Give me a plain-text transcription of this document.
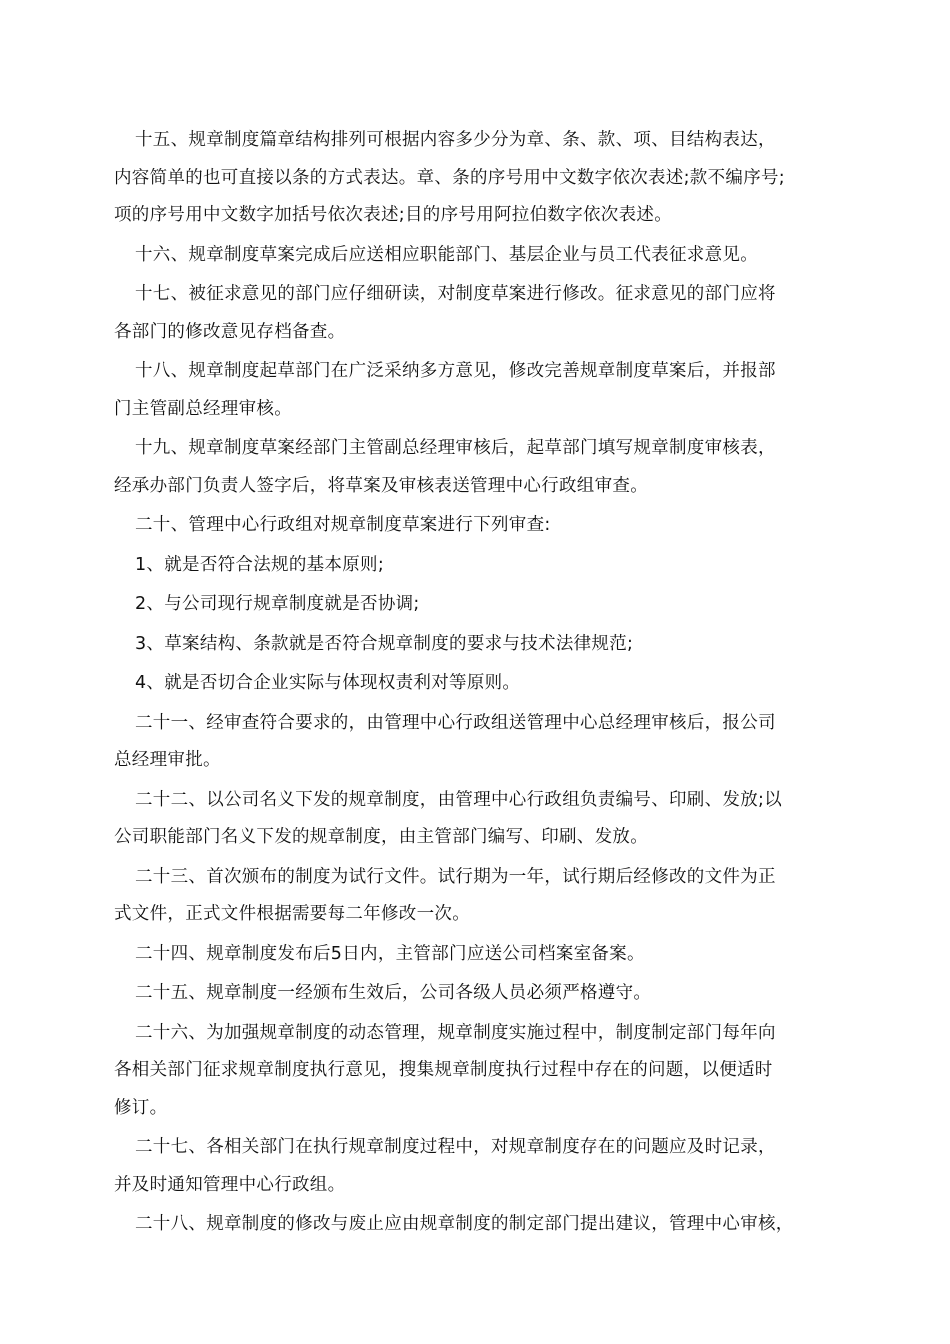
十五、规章制度篇章结构排列可根据内容多少分为章、条、款、项、目结构表达，
内容简单的也可直接以条的方式表达。章、条的序号用中文数字依次表述;款不编序号;
项的序号用中文数字加括号依次表述;目的序号用阿拉伯数字依次表述。

十六、规章制度草案完成后应送相应职能部门、基层企业与员工代表征求意见。

十七、被征求意见的部门应仔细研读，对制度草案进行修改。征求意见的部门应将
各部门的修改意见存档备查。

十八、规章制度起草部门在广泛采纳多方意见，修改完善规章制度草案后，并报部
门主管副总经理审核。

十九、规章制度草案经部门主管副总经理审核后，起草部门填写规章制度审核表，
经承办部门负责人签字后，将草案及审核表送管理中心行政组审查。

二十、管理中心行政组对规章制度草案进行下列审查:

1、就是否符合法规的基本原则;

2、与公司现行规章制度就是否协调;

3、草案结构、条款就是否符合规章制度的要求与技术法律规范;

4、就是否切合企业实际与体现权责利对等原则。

二十一、经审查符合要求的，由管理中心行政组送管理中心总经理审核后，报公司
总经理审批。

二十二、以公司名义下发的规章制度，由管理中心行政组负责编号、印刷、发放;以
公司职能部门名义下发的规章制度，由主管部门编写、印刷、发放。

二十三、首次颁布的制度为试行文件。试行期为一年，试行期后经修改的文件为正
式文件，正式文件根据需要每二年修改一次。

二十四、规章制度发布后5日内，主管部门应送公司档案室备案。

二十五、规章制度一经颁布生效后，公司各级人员必须严格遵守。

二十六、为加强规章制度的动态管理，规章制度实施过程中，制度制定部门每年向
各相关部门征求规章制度执行意见，搜集规章制度执行过程中存在的问题，以便适时
修订。

二十七、各相关部门在执行规章制度过程中，对规章制度存在的问题应及时记录，
并及时通知管理中心行政组。

二十八、规章制度的修改与废止应由规章制度的制定部门提出建议，管理中心审核，
